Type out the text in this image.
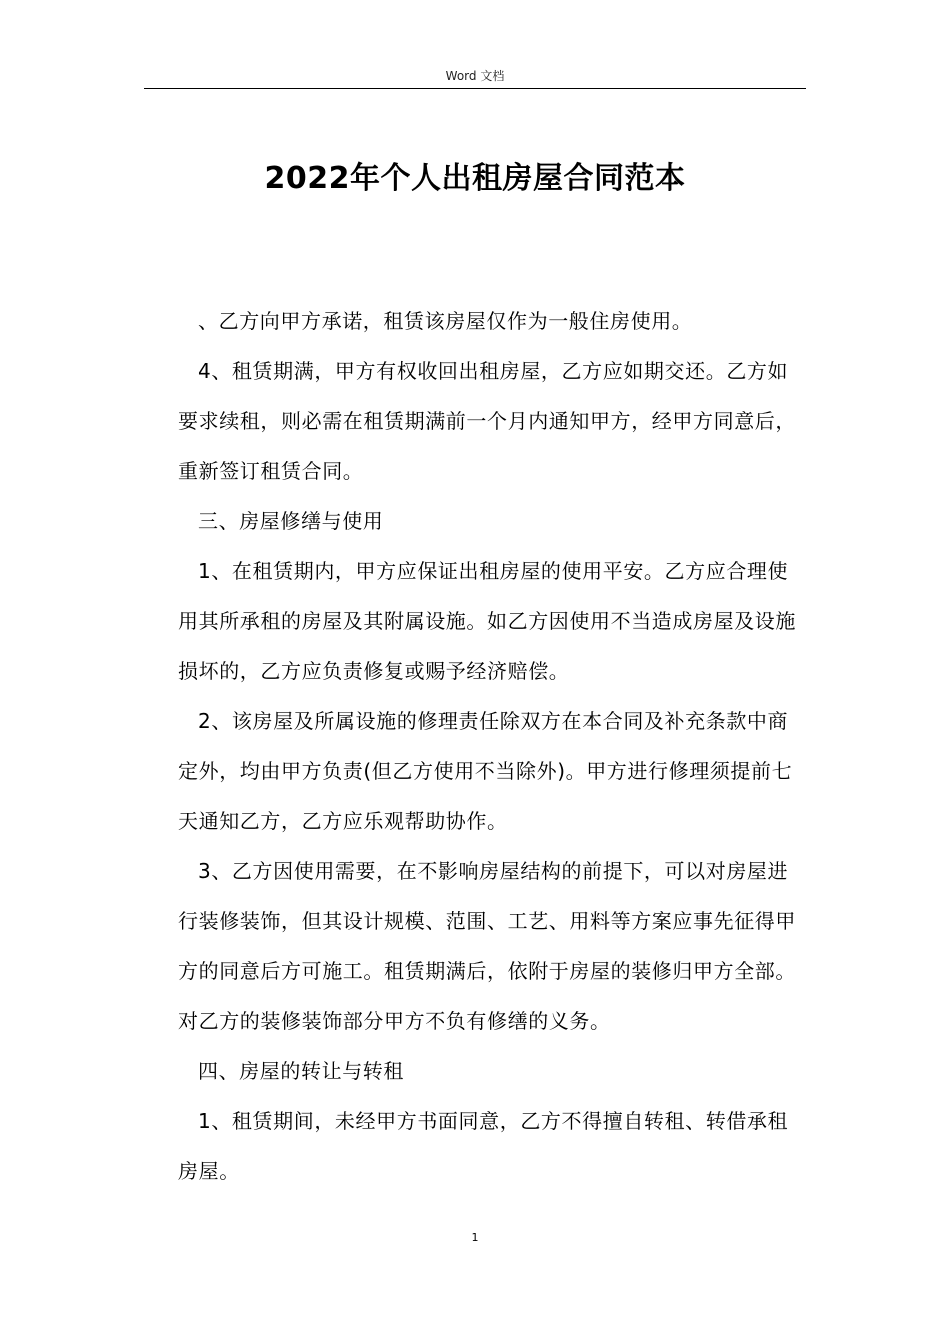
Word 文档
2022年个人出租房屋合同范本

、乙方向甲方承诺，租赁该房屋仅作为一般住房使用。

4、租赁期满，甲方有权收回出租房屋，乙方应如期交还。乙方如要求续租，则必需在租赁期满前一个月内通知甲方，经甲方同意后，重新签订租赁合同。

三、房屋修缮与使用

1、在租赁期内，甲方应保证出租房屋的使用平安。乙方应合理使用其所承租的房屋及其附属设施。如乙方因使用不当造成房屋及设施损坏的，乙方应负责修复或赐予经济赔偿。

2、该房屋及所属设施的修理责任除双方在本合同及补充条款中商定外，均由甲方负责(但乙方使用不当除外)。甲方进行修理须提前七天通知乙方，乙方应乐观帮助协作。

3、乙方因使用需要，在不影响房屋结构的前提下，可以对房屋进行装修装饰，但其设计规模、范围、工艺、用料等方案应事先征得甲方的同意后方可施工。租赁期满后，依附于房屋的装修归甲方全部。对乙方的装修装饰部分甲方不负有修缮的义务。

四、房屋的转让与转租

1、租赁期间，未经甲方书面同意，乙方不得擅自转租、转借承租房屋。

1
